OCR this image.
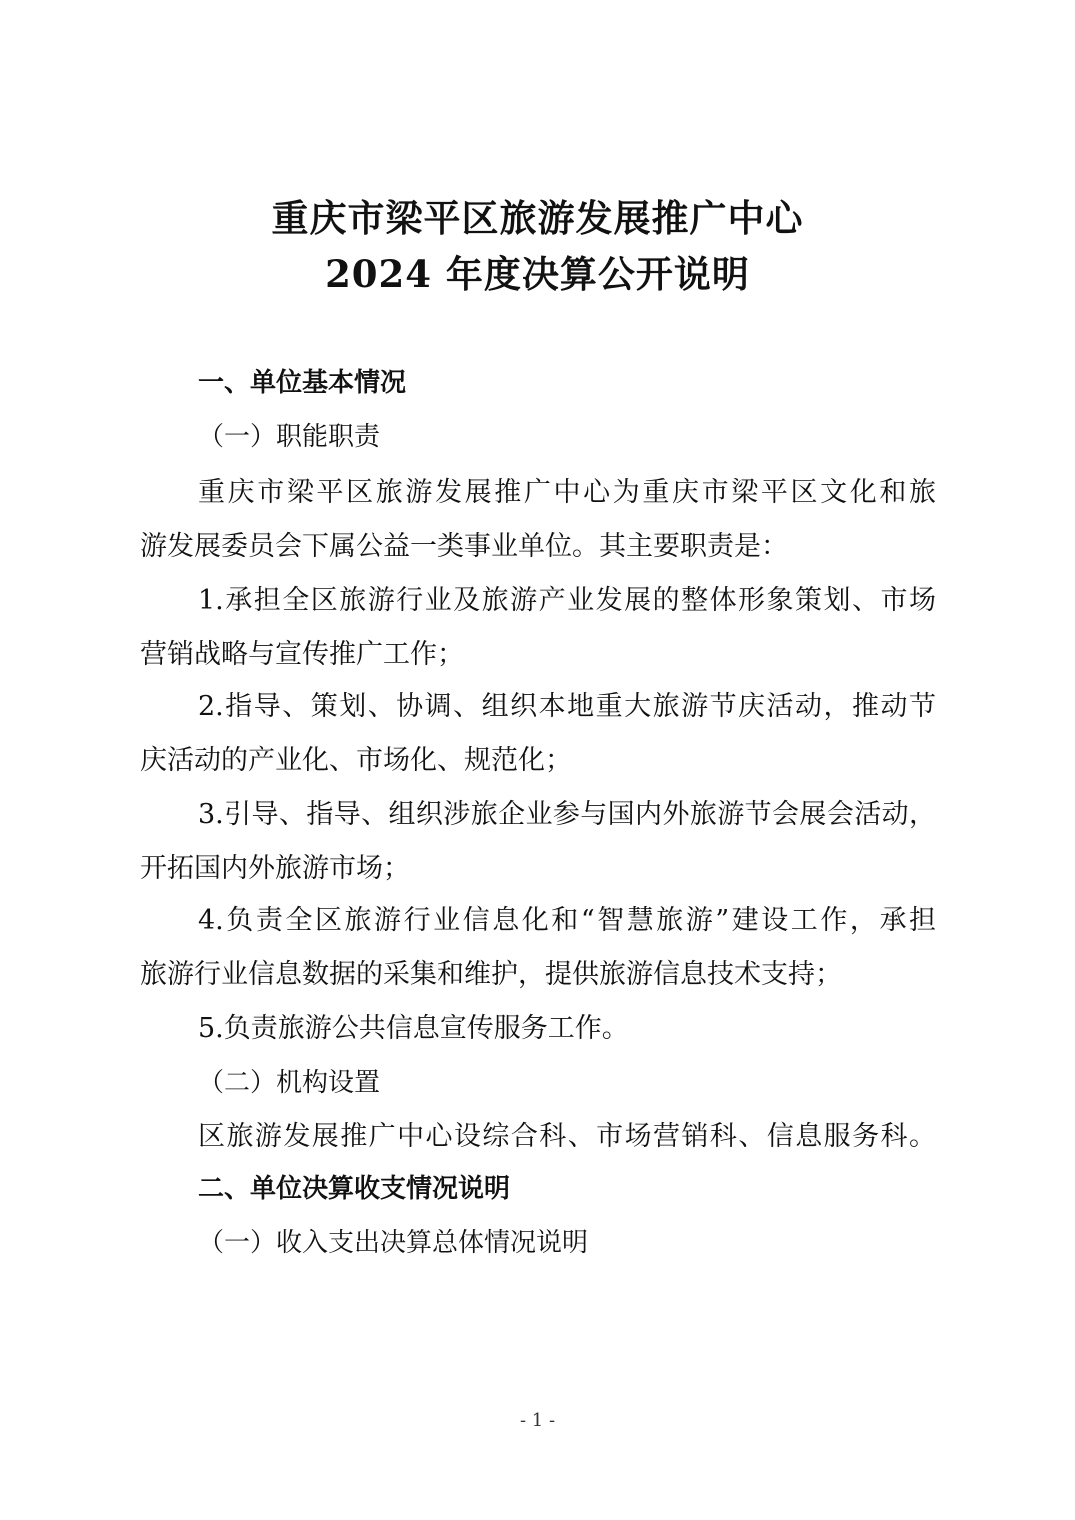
重庆市梁平区旅游发展推广中心
2024 年度决算公开说明
一、单位基本情况
（一）职能职责
重庆市梁平区旅游发展推广中心为重庆市梁平区文化和旅
游发展委员会下属公益一类事业单位。其主要职责是：
1.承担全区旅游行业及旅游产业发展的整体形象策划、市场
营销战略与宣传推广工作；
2.指导、策划、协调、组织本地重大旅游节庆活动，推动节
庆活动的产业化、市场化、规范化；
3.引导、指导、组织涉旅企业参与国内外旅游节会展会活动，
开拓国内外旅游市场；
4.负责全区旅游行业信息化和“智慧旅游”建设工作，承担
旅游行业信息数据的采集和维护，提供旅游信息技术支持；
5.负责旅游公共信息宣传服务工作。
（二）机构设置
区旅游发展推广中心设综合科、市场营销科、信息服务科。
二、单位决算收支情况说明
（一）收入支出决算总体情况说明
- 1 -
